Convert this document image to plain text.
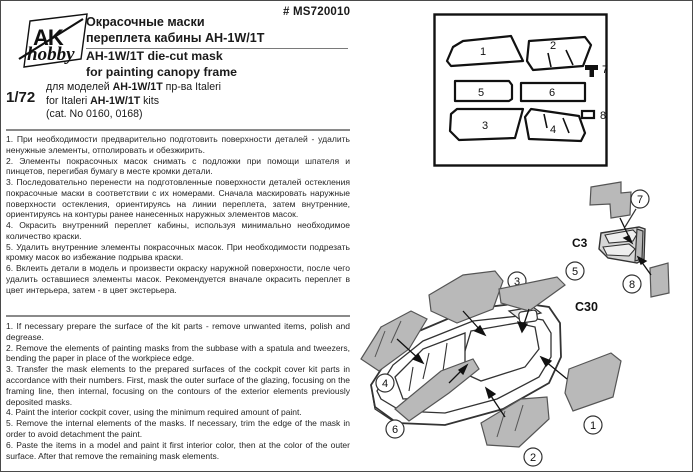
AK
hobby
# MS720010
Окрасочные маски
переплета кабины AH-1W/1T
AH-1W/1T die-cut mask
for painting canopy frame
1/72
для моделей AH-1W/1T пр-ва Italeri
for Italeri AH-1W/1T kits
(cat. No 0160, 0168)

1. При необходимости предварительно подготовить поверхности деталей - удалить ненужные элементы, отполировать и обезжирить.

2. Элементы покрасочных масок снимать с подложки при помощи шпателя и пинцетов, перегибая бумагу в месте кромки детали.

3. Последовательно перенести на подготовленные поверхности деталей остекления покрасочные маски в соответствии с их номерами. Сначала маскировать наружные поверхности остекления, ориентируясь на линии переплета, затем внутренние, ориентируясь на контуры ранее нанесенных наружных элементов масок.

4. Окрасить внутренний переплет кабины, используя минимально необходимое количество краски.

5. Удалить внутренние элементы покрасочных масок. При необходимости подрезать кромку масок во избежание подрыва краски.

6. Вклеить детали в модель и произвести окраску наружной поверхности, после чего удалить оставшиеся элементы масок. Рекомендуется вначале окрасить переплет в цвет интерьера, затем - в цвет экстерьера.

1. If necessary prepare the surface of the kit parts - remove unwanted items, polish and degrease.

2. Remove the elements of painting masks from the subbase with a spatula and tweezers, bending the paper in place of the workpiece edge.

3. Transfer the mask elements to the prepared surfaces of the cockpit cover kit parts in accordance with their numbers. First, mask the outer surface of the glazing, focusing on the framing line, then internal, focusing on the contours of the exterior elements previously deposited masks.

4. Paint the interior cockpit cover, using the minimum required amount of paint.

5. Remove the internal elements of the masks. If necessary, trim the edge of the mask in order to avoid detachment the paint.

6. Paste the items in a model and paint it first interior color, then at the color of the outer surface. After that remove the remaining mask elements.

1	2
5	6
3	4
7
8
7
C3
8
C30
4
6
3
5
1
2
